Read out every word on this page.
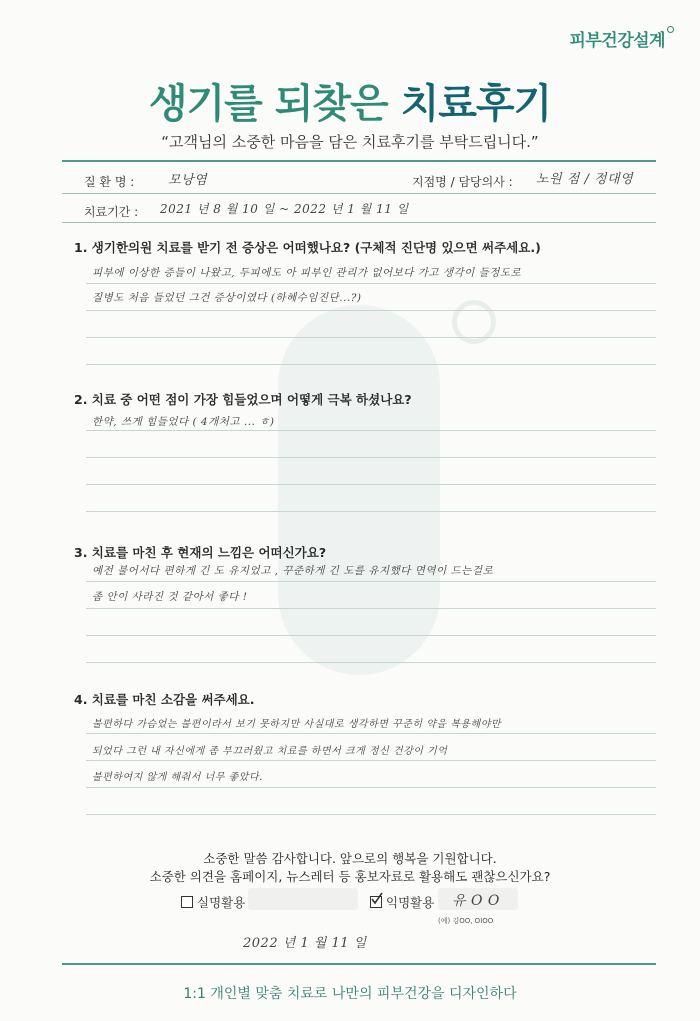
피부건강설계
생기를 되찾은 치료후기
“고객님의 소중한 마음을 담은 치료후기를 부탁드립니다.”
질 환 명 :	모낭염	지점명 / 담당의사 : 노원 점 / 정대영
치료기간 : 2021 년 8 월 10 일 ~ 2022 년 1 월 11 일
1. 생기한의원 치료를 받기 전 증상은 어떠했나요? (구체적 진단명 있으면 써주세요.)
피부에 이상한 증들이 나왔고, 두피에도 아 피부인 관리가 없어보다 가고 생각이 들정도로
질병도 처음 들었던 그건 증상이였다 (하혜수임진단...?)
2. 치료 중 어떤 점이 가장 힘들었으며 어떻게 극복 하셨나요?
한약, 쓰게 힘들었다 ( 4개처고 ... ㅎ)
3. 치료를 마친 후 현재의 느낌은 어떠신가요?
예전 불어서다 편하게 긴 도 유지었고 , 꾸준하게 긴 도를 유지했다 면역이 드는걸로
좀 안이 사라진 것 같아서 좋다 !
4. 치료를 마친 소감을 써주세요.
불편하다 가슴었는 불편이라서 보기 못하지만 사실대로 생각하면 꾸준히 약을 복용해야만
되었다 그런 내 자신에게 좀 부끄러웠고 치료를 하면서 크게 정신 건강이 기억
불편하여지 않게 해줘서 너무 좋았다.
소중한 말씀 감사합니다. 앞으로의 행복을 기원합니다.
소중한 의견을 홈페이지, 뉴스레터 등 홍보자료로 활용해도 괜찮으신가요?
실명활용	익명활용 유 O O
(예) 김OO, OIOO
2022 년 1 월 11 일
1:1 개인별 맞춤 치료로 나만의 피부건강을 디자인하다
